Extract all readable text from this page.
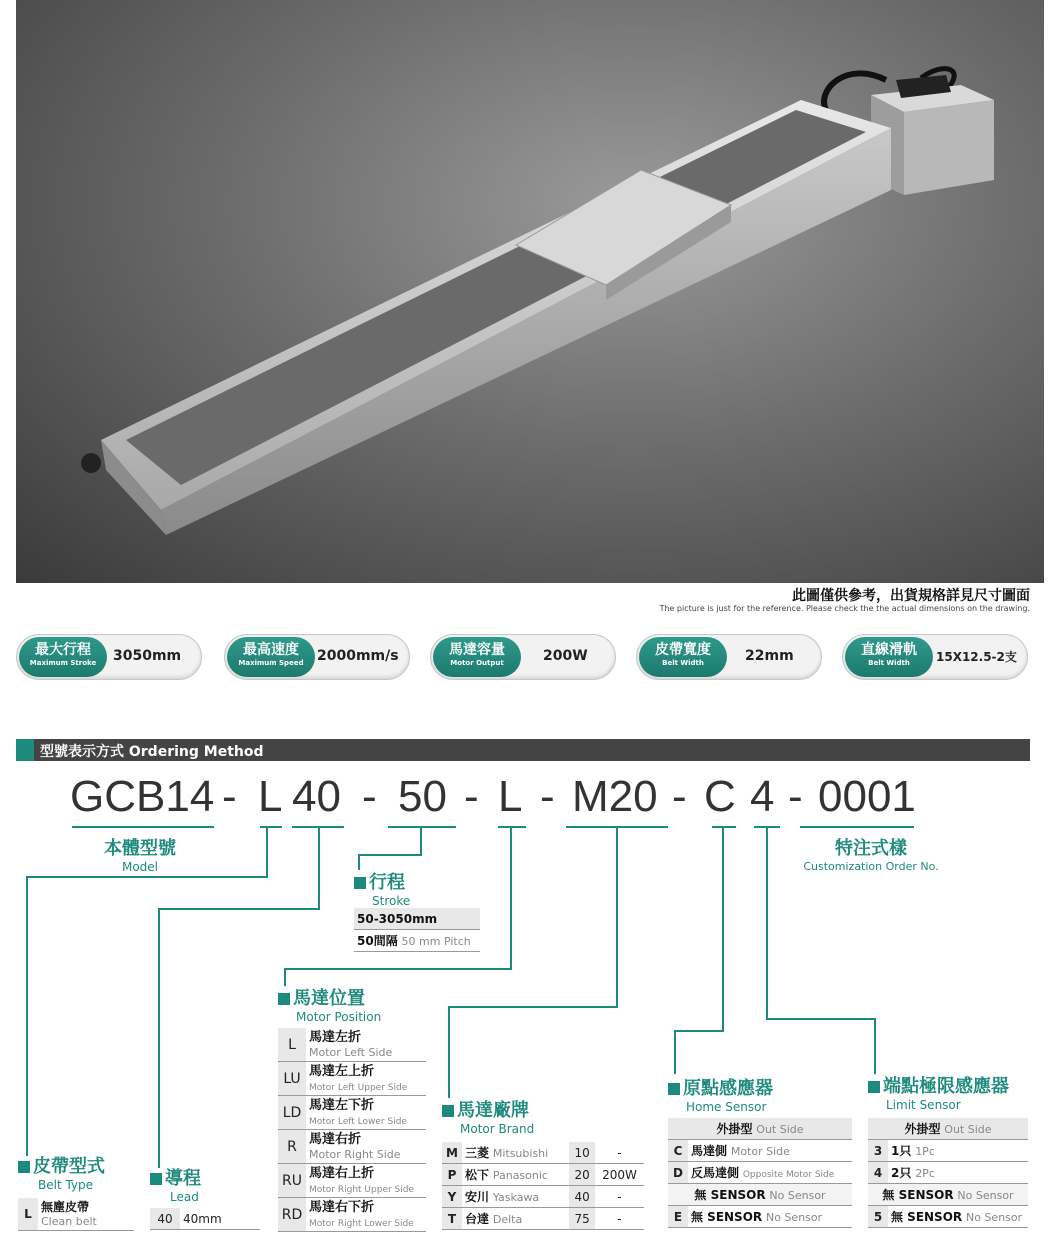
此圖僅供參考，出貨規格詳見尺寸圖面
The picture is just for the reference. Please check the the actual dimensions on the drawing.
最大行程
Maximum Stroke	3050mm	最高速度
Maximum Speed 2000mm/s	馬達容量
Motor Output	200W	皮帶寬度
Belt Width	22mm	直線滑軌
Belt Width	15X12.5-2支
型號表示方式 Ordering Method
GCB14 - L 40 - 50 - L - M20 - C 4 - 0001
本體型號
Model
特注式樣
Customization Order No.
行程
Stroke
50-3050mm
50間隔 50 mm Pitch
馬達位置
Motor Position
L	馬達左折
Motor Left Side
LU	馬達左上折
Motor Left Upper Side
LD	馬達左下折
Motor Left Lower Side
R	馬達右折
Motor Right Side
RU	馬達右上折
Motor Right Upper Side
RD	馬達右下折
Motor Right Lower Side
馬達廠牌
Motor Brand
M	三菱 Mitsubishi	10	-
P	松下 Panasonic	20	200W
Y	安川 Yaskawa	40	-
T	台達 Delta	75	-
原點感應器
Home Sensor
外掛型 Out Side	
C	馬達側 Motor Side
D	反馬達側 Opposite Motor Side
無 SENSOR No Sensor	
E	無 SENSOR No Sensor
端點極限感應器
Limit Sensor
外掛型 Out Side	
3	1只 1Pc
4	2只 2Pc
無 SENSOR No Sensor	
5	無 SENSOR No Sensor
皮帶型式
Belt Type
L	
無塵皮帶
Clean belt
導程
Lead
40	40mm
